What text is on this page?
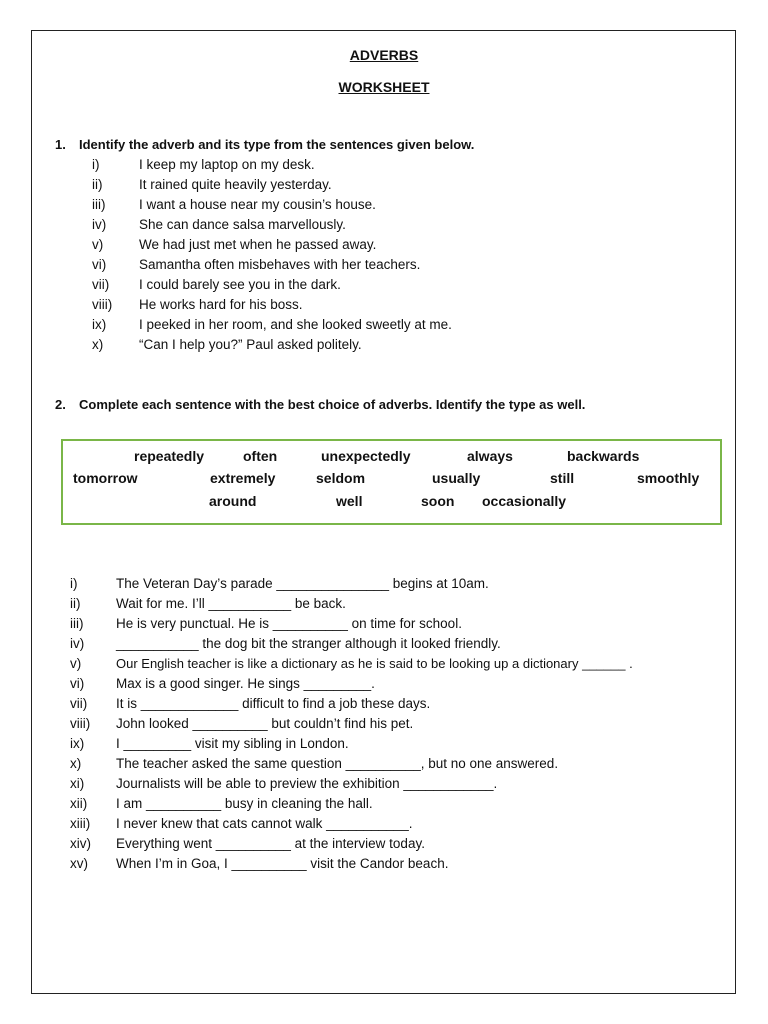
ADVERBS
WORKSHEET
1. Identify the adverb and its type from the sentences given below.
i)	I keep my laptop on my desk.
ii)	It rained quite heavily yesterday.
iii) I want a house near my cousin’s house.
iv) She can dance salsa marvellously.
v)	We had just met when he passed away.
vi) Samantha often misbehaves with her teachers.
vii) I could barely see you in the dark.
viii) He works hard for his boss.
ix) I peeked in her room, and she looked sweetly at me.
x)	“Can I help you?” Paul asked politely.
2. Complete each sentence with the best choice of adverbs. Identify the type as well.
repeatedly	often	unexpectedly	always	backwards
tomorrow	extremely	seldom	usually	still	smoothly
around	well	soon occasionally
i)	The Veteran Day’s parade _______________ begins at 10am.
ii)	Wait for me. I’ll ___________ be back.
iii) He is very punctual. He is __________ on time for school.
iv) ___________ the dog bit the stranger although it looked friendly.
v)	Our English teacher is like a dictionary as he is said to be looking up a dictionary ______ .
vi) Max is a good singer. He sings _________.
vii) It is _____________ difficult to find a job these days.
viii) John looked __________ but couldn’t find his pet.
ix) I _________ visit my sibling in London.
x)	The teacher asked the same question __________, but no one answered.
xi) Journalists will be able to preview the exhibition ____________.
xii) I am __________ busy in cleaning the hall.
xiii) I never knew that cats cannot walk ___________.
xiv) Everything went __________ at the interview today.
xv) When I’m in Goa, I __________ visit the Candor beach.
